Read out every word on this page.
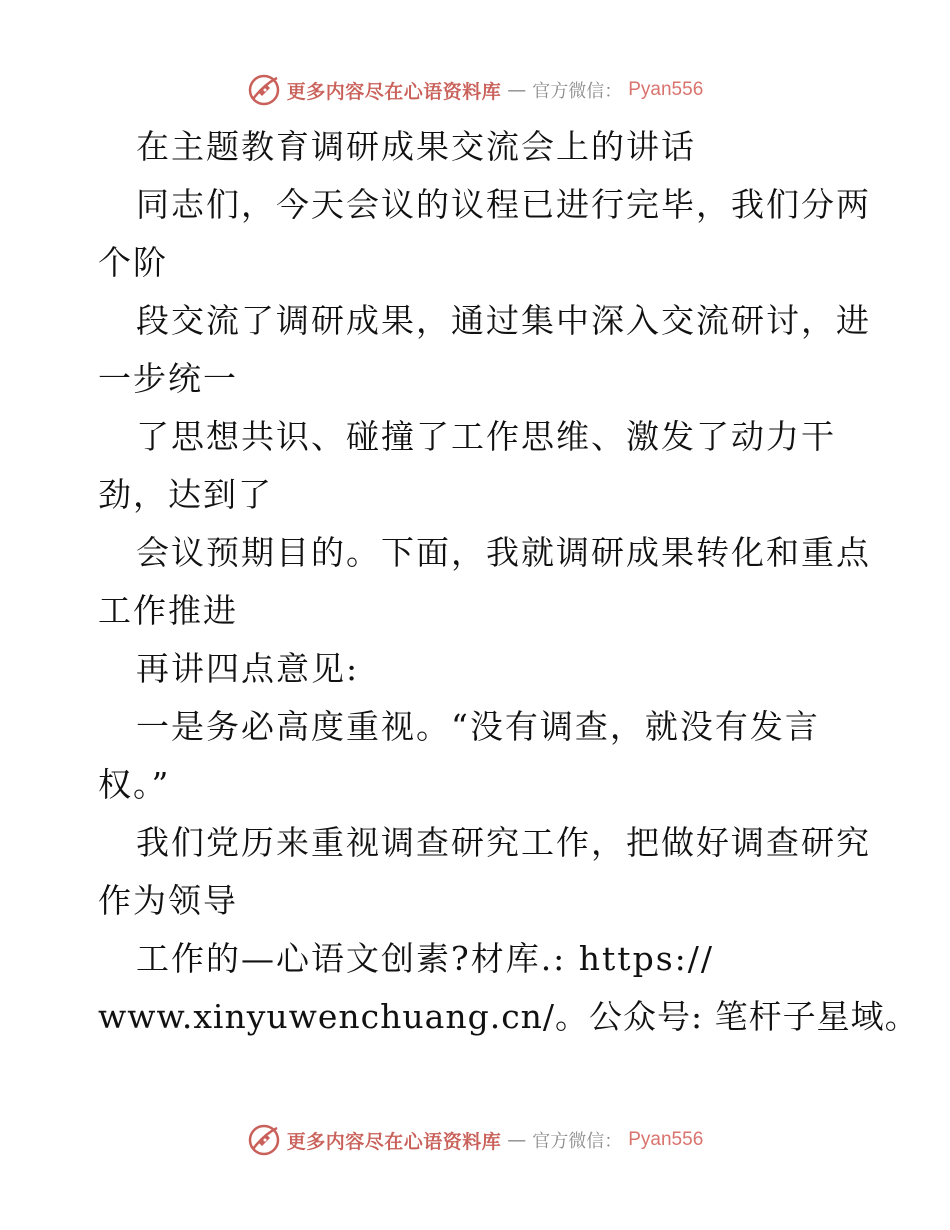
更多内容尽在心语资料库 — 官方微信： Pyan556
在主题教育调研成果交流会上的讲话
同志们，今天会议的议程已进行完毕，我们分两
个阶
段交流了调研成果，通过集中深入交流研讨，进
一步统一
了思想共识、碰撞了工作思维、激发了动力干
劲，达到了
会议预期目的。下面，我就调研成果转化和重点
工作推进
再讲四点意见:
一是务必高度重视。“没有调查，就没有发言
权。”
我们党历来重视调查研究工作，把做好调查研究
作为领导
工作的—心语文创素?材库.: https://
www.xinyuwenchuang.cn/。公众号: 笔杆子星域。
更多内容尽在心语资料库 — 官方微信： Pyan556
